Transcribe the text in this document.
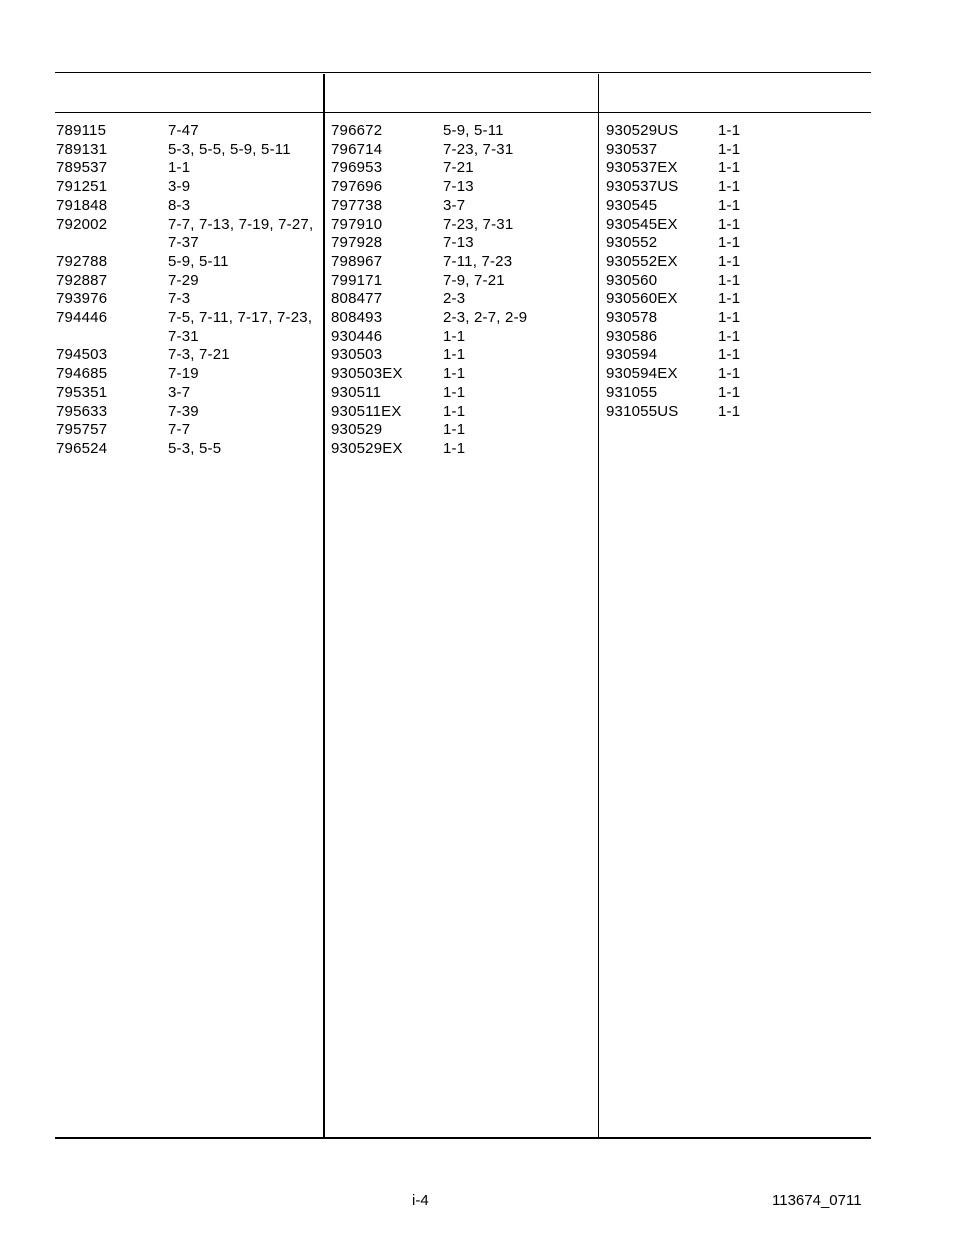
789115	7-47
789131	5-3, 5-5, 5-9, 5-11
789537	1-1
791251	3-9
791848	8-3
792002	7-7, 7-13, 7-19, 7-27,
7-37
792788	5-9, 5-11
792887	7-29
793976	7-3
794446	7-5, 7-11, 7-17, 7-23,
7-31
794503	7-3, 7-21
794685	7-19
795351	3-7
795633	7-39
795757	7-7
796524	5-3, 5-5
796672	5-9, 5-11
796714	7-23, 7-31
796953	7-21
797696	7-13
797738	3-7
797910	7-23, 7-31
797928	7-13
798967	7-11, 7-23
799171	7-9, 7-21
808477	2-3
808493	2-3, 2-7, 2-9
930446	1-1
930503	1-1
930503EX	1-1
930511	1-1
930511EX	1-1
930529	1-1
930529EX	1-1
930529US	1-1
930537	1-1
930537EX	1-1
930537US	1-1
930545	1-1
930545EX	1-1
930552	1-1
930552EX	1-1
930560	1-1
930560EX	1-1
930578	1-1
930586	1-1
930594	1-1
930594EX	1-1
931055	1-1
931055US	1-1
i-4	113674_0711
